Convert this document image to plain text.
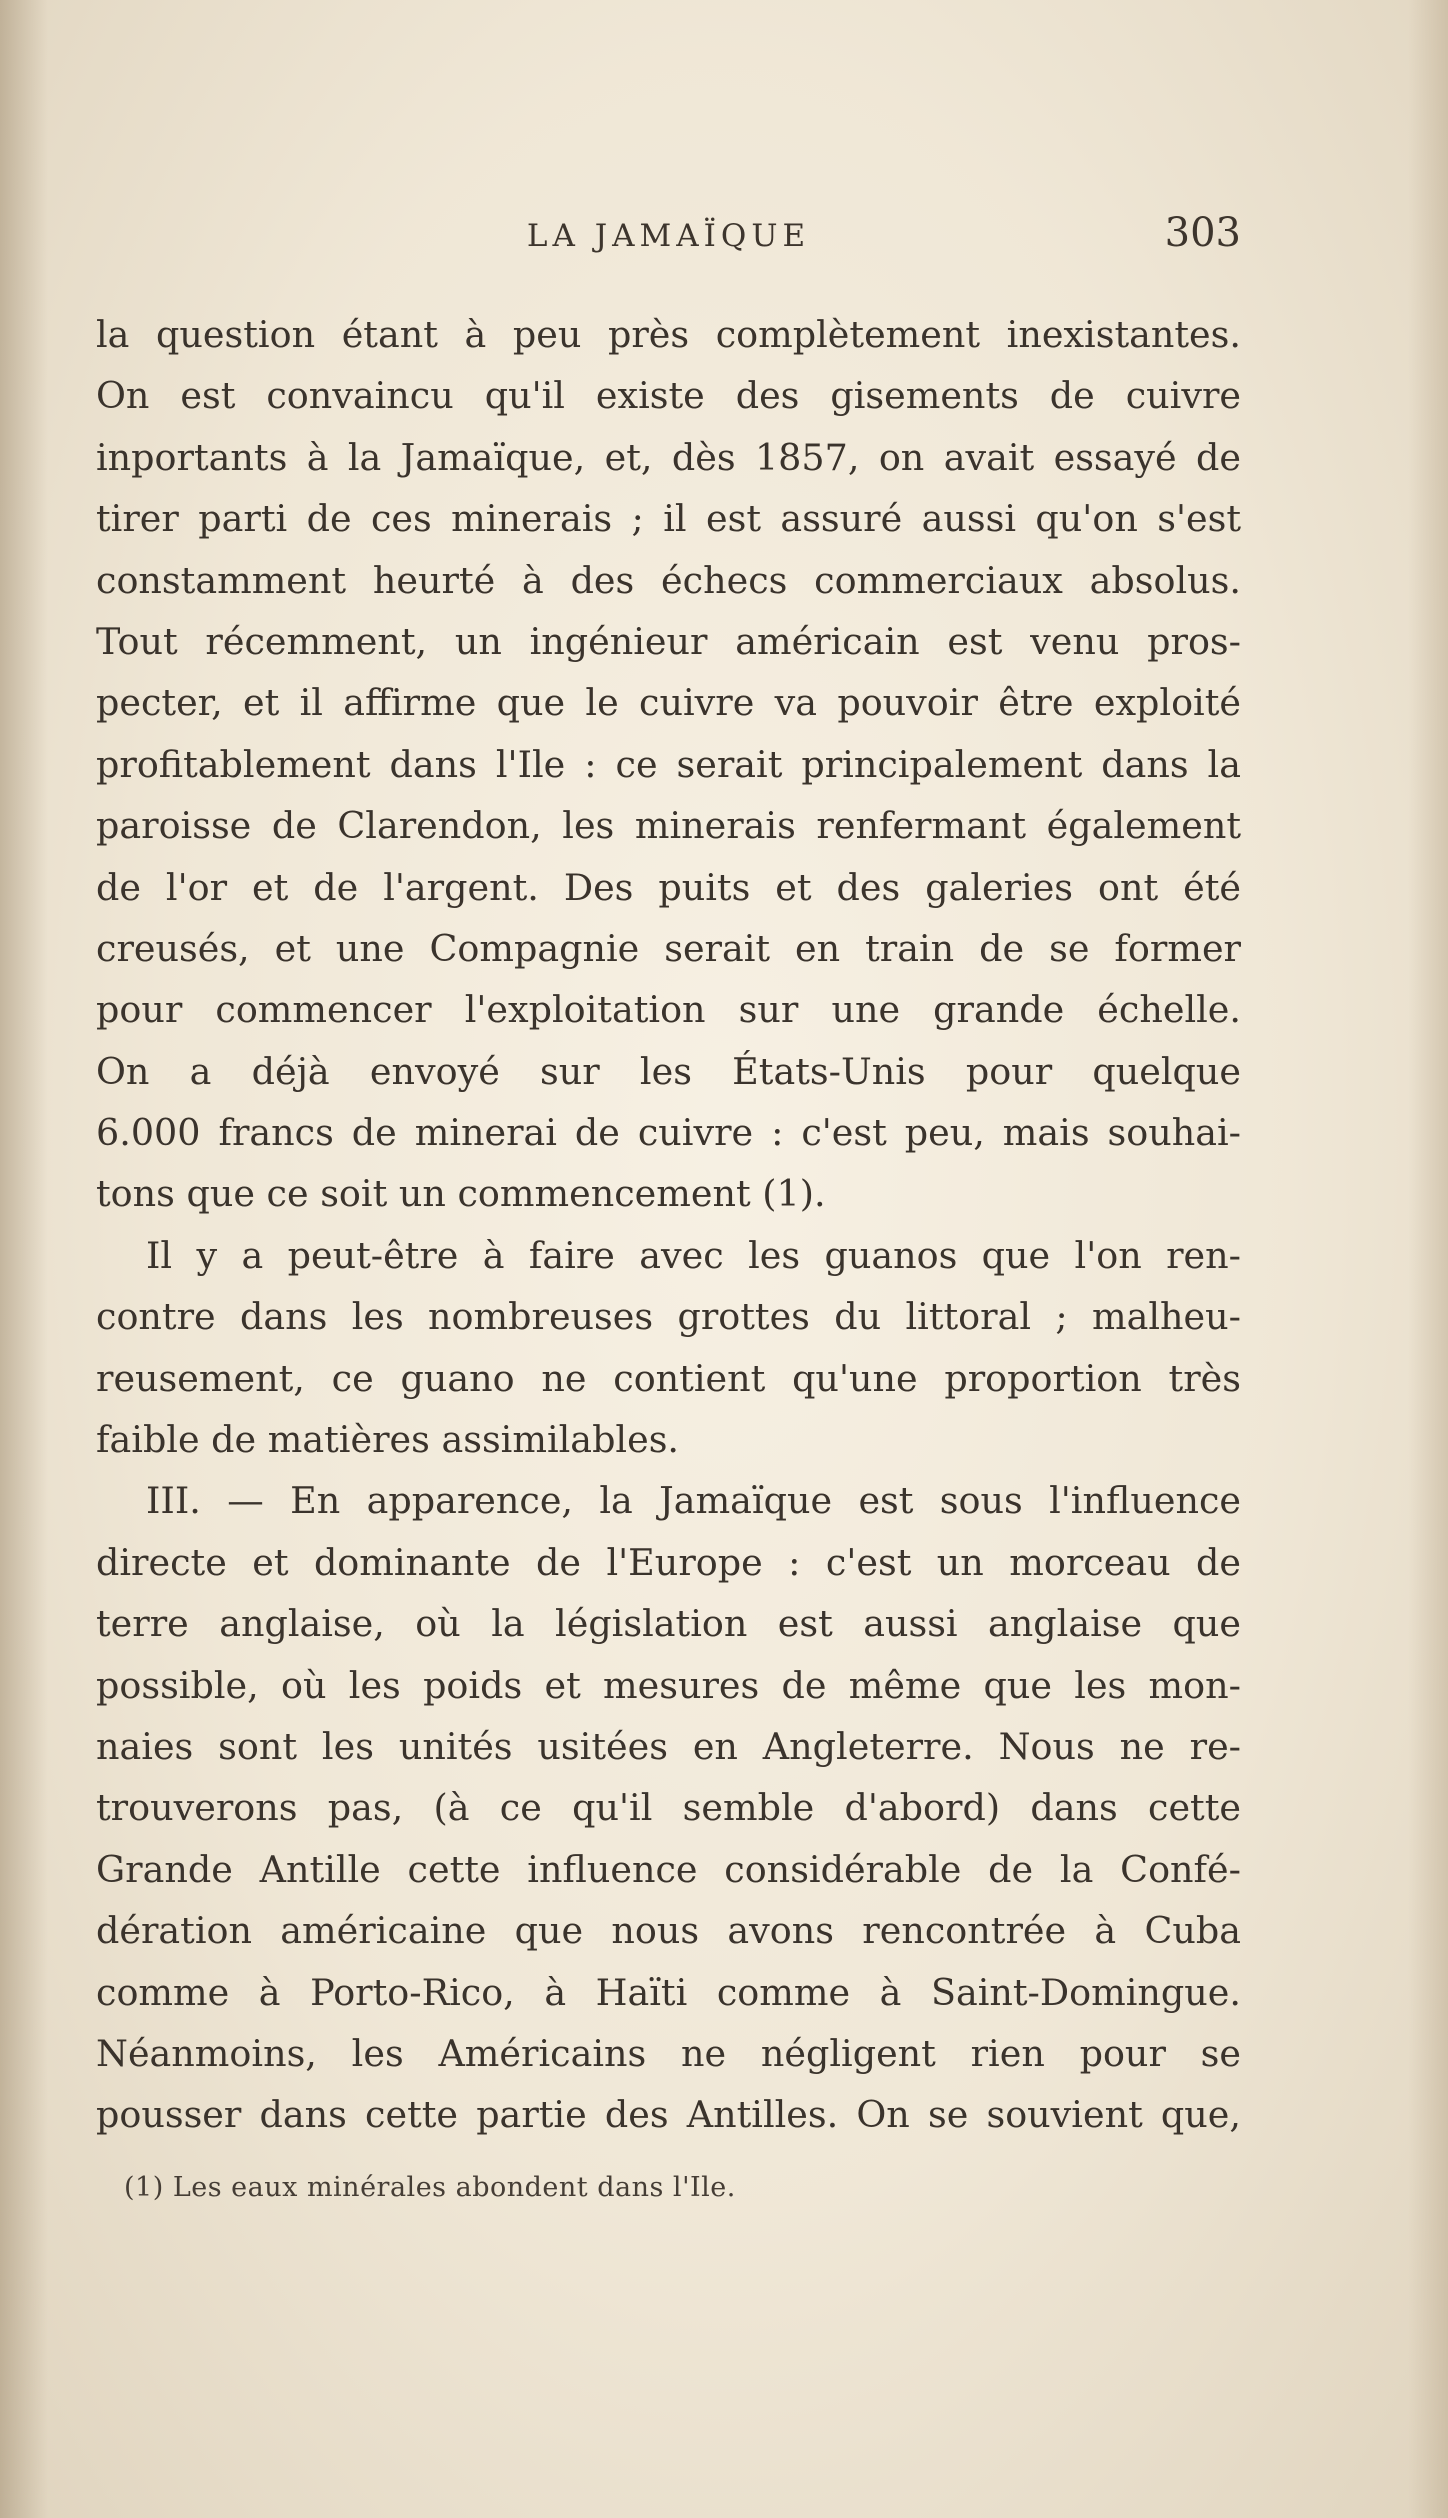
LA JAMAÏQUE	303
la question étant à peu près complètement inexistantes.
On est convaincu qu'il existe des gisements de cuivre
inportants à la Jamaïque, et, dès 1857, on avait essayé de
tirer parti de ces minerais ; il est assuré aussi qu'on s'est
constamment heurté à des échecs commerciaux absolus.
Tout récemment, un ingénieur américain est venu pros-
pecter, et il affirme que le cuivre va pouvoir être exploité
profitablement dans l'Ile : ce serait principalement dans la
paroisse de Clarendon, les minerais renfermant également
de l'or et de l'argent. Des puits et des galeries ont été
creusés, et une Compagnie serait en train de se former
pour commencer l'exploitation sur une grande échelle.
On a déjà envoyé sur les États-Unis pour quelque
6.000 francs de minerai de cuivre : c'est peu, mais souhai-
tons que ce soit un commencement (1).
Il y a peut-être à faire avec les guanos que l'on ren-
contre dans les nombreuses grottes du littoral ; malheu-
reusement, ce guano ne contient qu'une proportion très
faible de matières assimilables.
III. — En apparence, la Jamaïque est sous l'influence
directe et dominante de l'Europe : c'est un morceau de
terre anglaise, où la législation est aussi anglaise que
possible, où les poids et mesures de même que les mon-
naies sont les unités usitées en Angleterre. Nous ne re-
trouverons pas, (à ce qu'il semble d'abord) dans cette
Grande Antille cette influence considérable de la Confé-
dération américaine que nous avons rencontrée à Cuba
comme à Porto-Rico, à Haïti comme à Saint-Domingue.
Néanmoins, les Américains ne négligent rien pour se
pousser dans cette partie des Antilles. On se souvient que,
(1) Les eaux minérales abondent dans l'Ile.
